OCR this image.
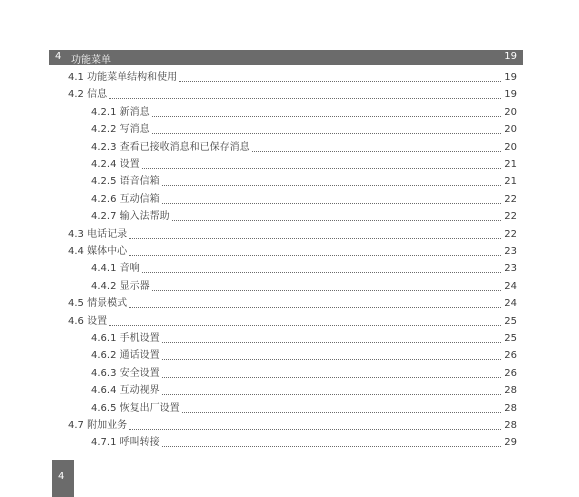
4 功能菜单	19
4.1 功能菜单结构和使用	19
4.2 信息	19
4.2.1 新消息	20
4.2.2 写消息	20
4.2.3 查看已接收消息和已保存消息	20
4.2.4 设置	21
4.2.5 语音信箱	21
4.2.6 互动信箱	22
4.2.7 输入法帮助	22
4.3 电话记录	22
4.4 媒体中心	23
4.4.1 音响	23
4.4.2 显示器	24
4.5 情景模式	24
4.6 设置	25
4.6.1 手机设置	25
4.6.2 通话设置	26
4.6.3 安全设置	26
4.6.4 互动视界	28
4.6.5 恢复出厂设置	28
4.7 附加业务	28
4.7.1 呼叫转接	29
4
